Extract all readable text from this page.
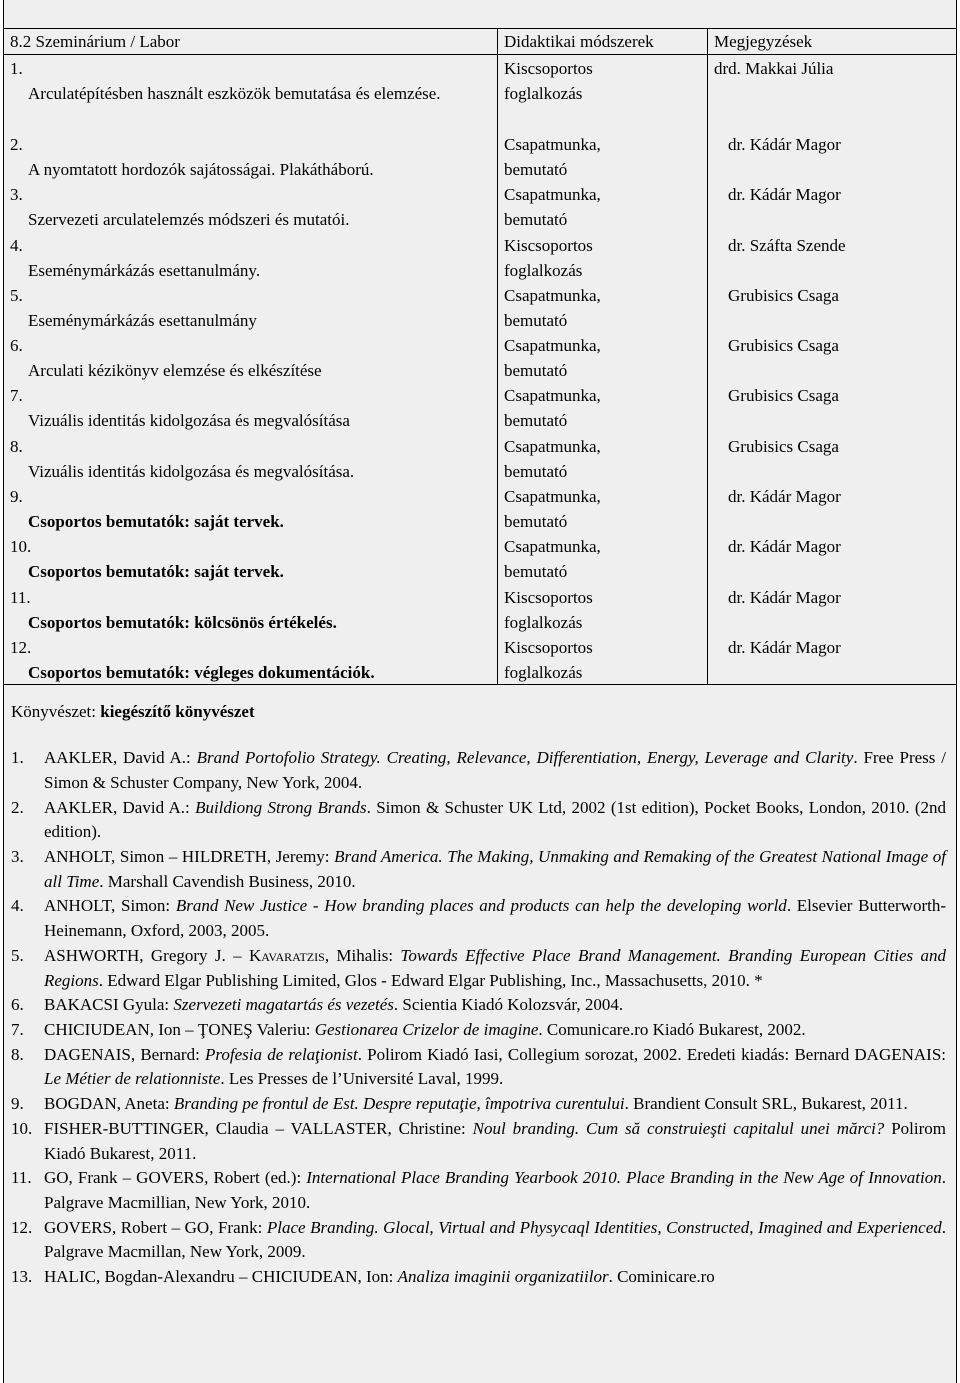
8.2 Szeminárium / Labor	Didaktikai módszerek	Megjegyzések
1.
Arculatépítésben használt eszközök bemutatása és elemzése.
Kiscsoportos
foglalkozás
drd. Makkai Júlia
2.
A nyomtatott hordozók sajátosságai. Plakátháború.
Csapatmunka,
bemutató
dr. Kádár Magor
3.
Szervezeti arculatelemzés módszeri és mutatói.
Csapatmunka,
bemutató
dr. Kádár Magor
4.
Eseménymárkázás esettanulmány.
Kiscsoportos
foglalkozás
dr. Száfta Szende
5.
Eseménymárkázás esettanulmány
Csapatmunka,
bemutató
Grubisics Csaga
6.
Arculati kézikönyv elemzése és elkészítése
Csapatmunka,
bemutató
Grubisics Csaga
7.
Vizuális identitás kidolgozása és megvalósítása
Csapatmunka,
bemutató
Grubisics Csaga
8.
Vizuális identitás kidolgozása és megvalósítása.
Csapatmunka,
bemutató
Grubisics Csaga
9.
Csoportos bemutatók: saját tervek.
Csapatmunka,
bemutató
dr. Kádár Magor
10.
Csoportos bemutatók: saját tervek.
Csapatmunka,
bemutató
dr. Kádár Magor
11.
Csoportos bemutatók: kölcsönös értékelés.
Kiscsoportos
foglalkozás
dr. Kádár Magor
12.
Csoportos bemutatók: végleges dokumentációk.
Kiscsoportos
foglalkozás
dr. Kádár Magor
Könyvészet: kiegészítő könyvészet
1. AAKLER, David A.: Brand Portofolio Strategy. Creating, Relevance, Differentiation, Energy, Leverage and Clarity. Free Press / Simon & Schuster Company, New York, 2004.
2. AAKLER, David A.: Buildiong Strong Brands. Simon & Schuster UK Ltd, 2002 (1st edition), Pocket Books, London, 2010. (2nd edition).
3. ANHOLT, Simon – HILDRETH, Jeremy: Brand America. The Making, Unmaking and Remaking of the Greatest National Image of all Time. Marshall Cavendish Business, 2010.
4. ANHOLT, Simon: Brand New Justice - How branding places and products can help the developing world. Elsevier Butterworth-Heinemann, Oxford, 2003, 2005.
5. ASHWORTH, Gregory J. – Kavaratzis, Mihalis: Towards Effective Place Brand Management. Branding European Cities and Regions. Edward Elgar Publishing Limited, Glos - Edward Elgar Publishing, Inc., Massachusetts, 2010. *
6. BAKACSI Gyula: Szervezeti magatartás és vezetés. Scientia Kiadó Kolozsvár, 2004.
7. CHICIUDEAN, Ion – ŢONEŞ Valeriu: Gestionarea Crizelor de imagine. Comunicare.ro Kiadó Bukarest, 2002.
8. DAGENAIS, Bernard: Profesia de relaţionist. Polirom Kiadó Iasi, Collegium sorozat, 2002. Eredeti kiadás: Bernard DAGENAIS: Le Métier de relationniste. Les Presses de l’Université Laval, 1999.
9. BOGDAN, Aneta: Branding pe frontul de Est. Despre reputaţie, împotriva curentului. Brandient Consult SRL, Bukarest, 2011.
10. FISHER-BUTTINGER, Claudia – VALLASTER, Christine: Noul branding. Cum să construieşti capitalul unei mărci? Polirom Kiadó Bukarest, 2011.
11. GO, Frank – GOVERS, Robert (ed.): International Place Branding Yearbook 2010. Place Branding in the New Age of Innovation. Palgrave Macmillian, New York, 2010.
12. GOVERS, Robert – GO, Frank: Place Branding. Glocal, Virtual and Physycaql Identities, Constructed, Imagined and Experienced. Palgrave Macmillan, New York, 2009.
13. HALIC, Bogdan-Alexandru – CHICIUDEAN, Ion: Analiza imaginii organizatiilor. Cominicare.ro
